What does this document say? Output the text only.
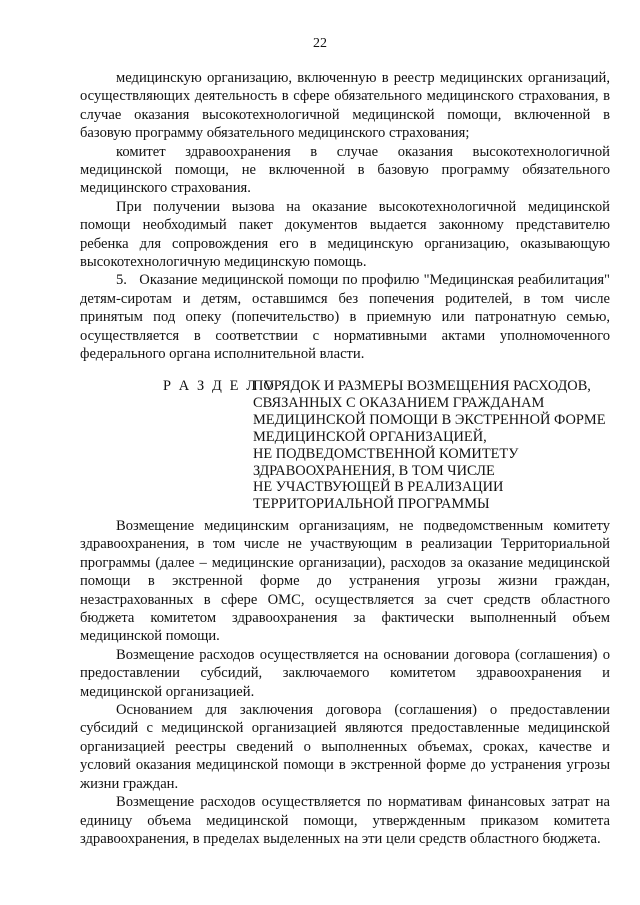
22

медицинскую организацию, включенную в реестр медицинских организаций, осуществляющих деятельность в сфере обязательного медицинского страхования, в случае оказания высокотехнологичной медицинской помощи, включенной в базовую программу обязательного медицинского страхования;

комитет здравоохранения в случае оказания высокотехнологичной медицинской помощи, не включенной в базовую программу обязательного медицинского страхования.

При получении вызова на оказание высокотехнологичной медицинской помощи необходимый пакет документов выдается законному представителю ребенка для сопровождения его в медицинскую организацию, оказывающую высокотехнологичную медицинскую помощь.

5.   Оказание медицинской помощи по профилю "Медицинская реабилитация" детям-сиротам и детям, оставшимся без попечения родителей, в том числе принятым под опеку (попечительство) в приемную или патронатную семью, осуществляется в соответствии с нормативными актами уполномоченного федерального органа исполнительной власти.

Р А З Д Е Л V.
ПОРЯДОК И РАЗМЕРЫ ВОЗМЕЩЕНИЯ РАСХОДОВ,
СВЯЗАННЫХ С ОКАЗАНИЕМ ГРАЖДАНАМ
МЕДИЦИНСКОЙ ПОМОЩИ В ЭКСТРЕННОЙ ФОРМЕ
МЕДИЦИНСКОЙ ОРГАНИЗАЦИЕЙ,
НЕ ПОДВЕДОМСТВЕННОЙ КОМИТЕТУ
ЗДРАВООХРАНЕНИЯ, В ТОМ ЧИСЛЕ
НЕ УЧАСТВУЮЩЕЙ В РЕАЛИЗАЦИИ
ТЕРРИТОРИАЛЬНОЙ ПРОГРАММЫ

Возмещение медицинским организациям, не подведомственным комитету здравоохранения, в том числе не участвующим в реализации Территориальной программы (далее – медицинские организации), расходов за оказание медицинской помощи в экстренной форме до устранения угрозы жизни граждан, незастрахованных в сфере ОМС, осуществляется за счет средств областного бюджета комитетом здравоохранения за фактически выполненный объем медицинской помощи.

Возмещение расходов осуществляется на основании договора (соглашения) о предоставлении субсидий, заключаемого комитетом здравоохранения и медицинской организацией.

Основанием для заключения договора (соглашения) о предоставлении субсидий с медицинской организацией являются предоставленные медицинской организацией реестры сведений о выполненных объемах, сроках, качестве и условий оказания медицинской помощи в экстренной форме до устранения угрозы жизни граждан.

Возмещение расходов осуществляется по нормативам финансовых затрат на единицу объема медицинской помощи, утвержденным приказом комитета здравоохранения, в пределах выделенных на эти цели средств областного бюджета.
